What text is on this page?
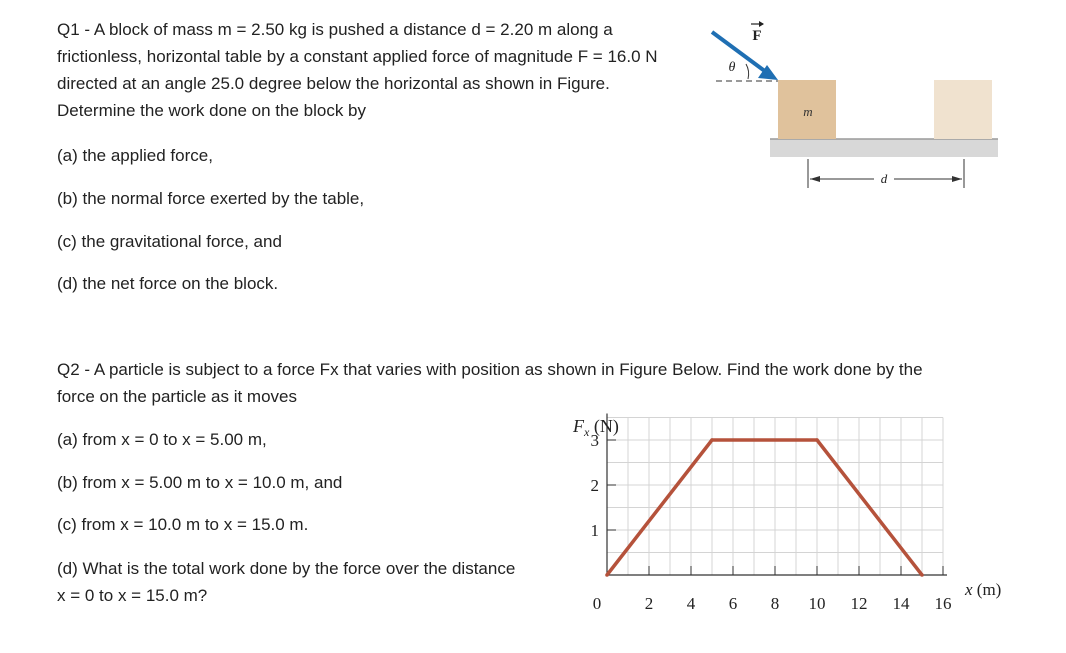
Q1 - A block of mass m = 2.50 kg is pushed a distance d = 2.20 m along a frictionless, horizontal table by a constant applied force of magnitude F = 16.0 N directed at an angle 25.0 degree below the horizontal as shown in Figure. Determine the work done on the block by
(a) the applied force,
(b) the normal force exerted by the table,
(c) the gravitational force, and
(d) the net force on the block.
m
F
θ
d
Q2 - A particle is subject to a force Fx that varies with position as shown in Figure Below. Find the work done by the force on the particle as it moves
(a) from x = 0 to x = 5.00 m,
(b) from x = 5.00 m to x = 10.0 m, and
(c) from x = 10.0 m to x = 15.0 m.
(d) What is the total work done by the force over the distance x = 0 to x = 15.0 m?	0	2 4 6 8 10 12 14 16
1
2
3
$F_x$ (N)
x (m)
